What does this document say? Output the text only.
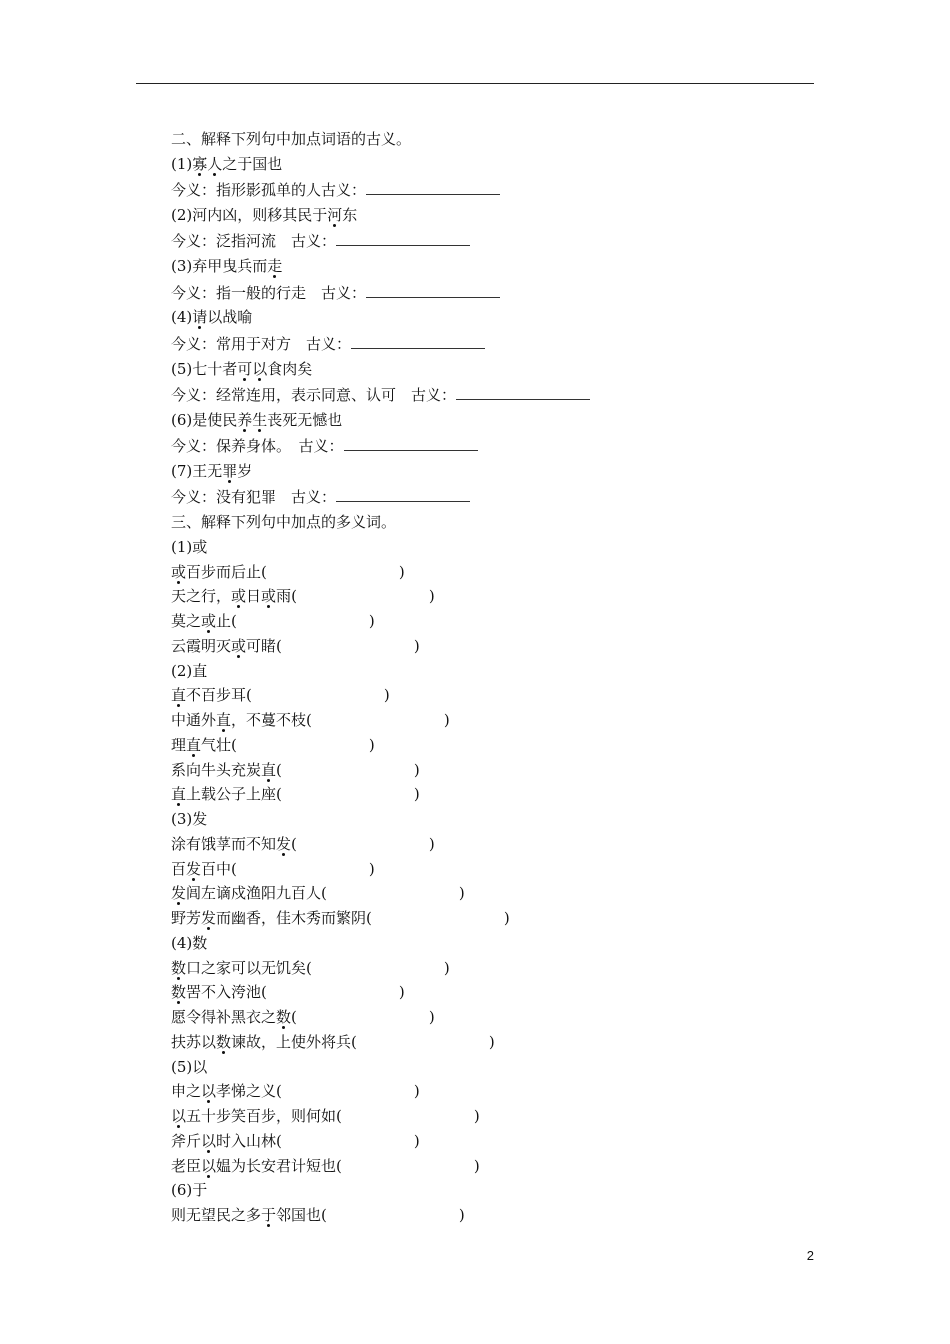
二、解释下列句中加点词语的古义。
(1)寡人之于国也
今义：指形影孤单的人古义：
(2)河内凶，则移其民于河东
今义：泛指河流　古义：
(3)弃甲曳兵而走
今义：指一般的行走　古义：
(4)请以战喻
今义：常用于对方　古义：
(5)七十者可以食肉矣
今义：经常连用，表示同意、认可　古义：
(6)是使民养生丧死无憾也
今义：保养身体。　古义：
(7)王无罪岁
今义：没有犯罪　古义：
三、解释下列句中加点的多义词。
(1)或
或百步而后止(	)
天之行，或日或雨(	)
莫之或止(	)
云霞明灭或可睹(	)
(2)直
直不百步耳(	)
中通外直，不蔓不枝(	)
理直气壮(	)
系向牛头充炭直(	)
直上载公子上座(	)
(3)发
涂有饿莩而不知发(	)
百发百中(	)
发闾左谪戍渔阳九百人(	)
野芳发而幽香，佳木秀而繁阴(	)
(4)数
数口之家可以无饥矣(	)
数罟不入洿池(	)
愿令得补黑衣之数(	)
扶苏以数谏故，上使外将兵(	)
(5)以
申之以孝悌之义(	)
以五十步笑百步，则何如(	)
斧斤以时入山林(	)
老臣以媪为长安君计短也(	)
(6)于
则无望民之多于邻国也(	)
2
